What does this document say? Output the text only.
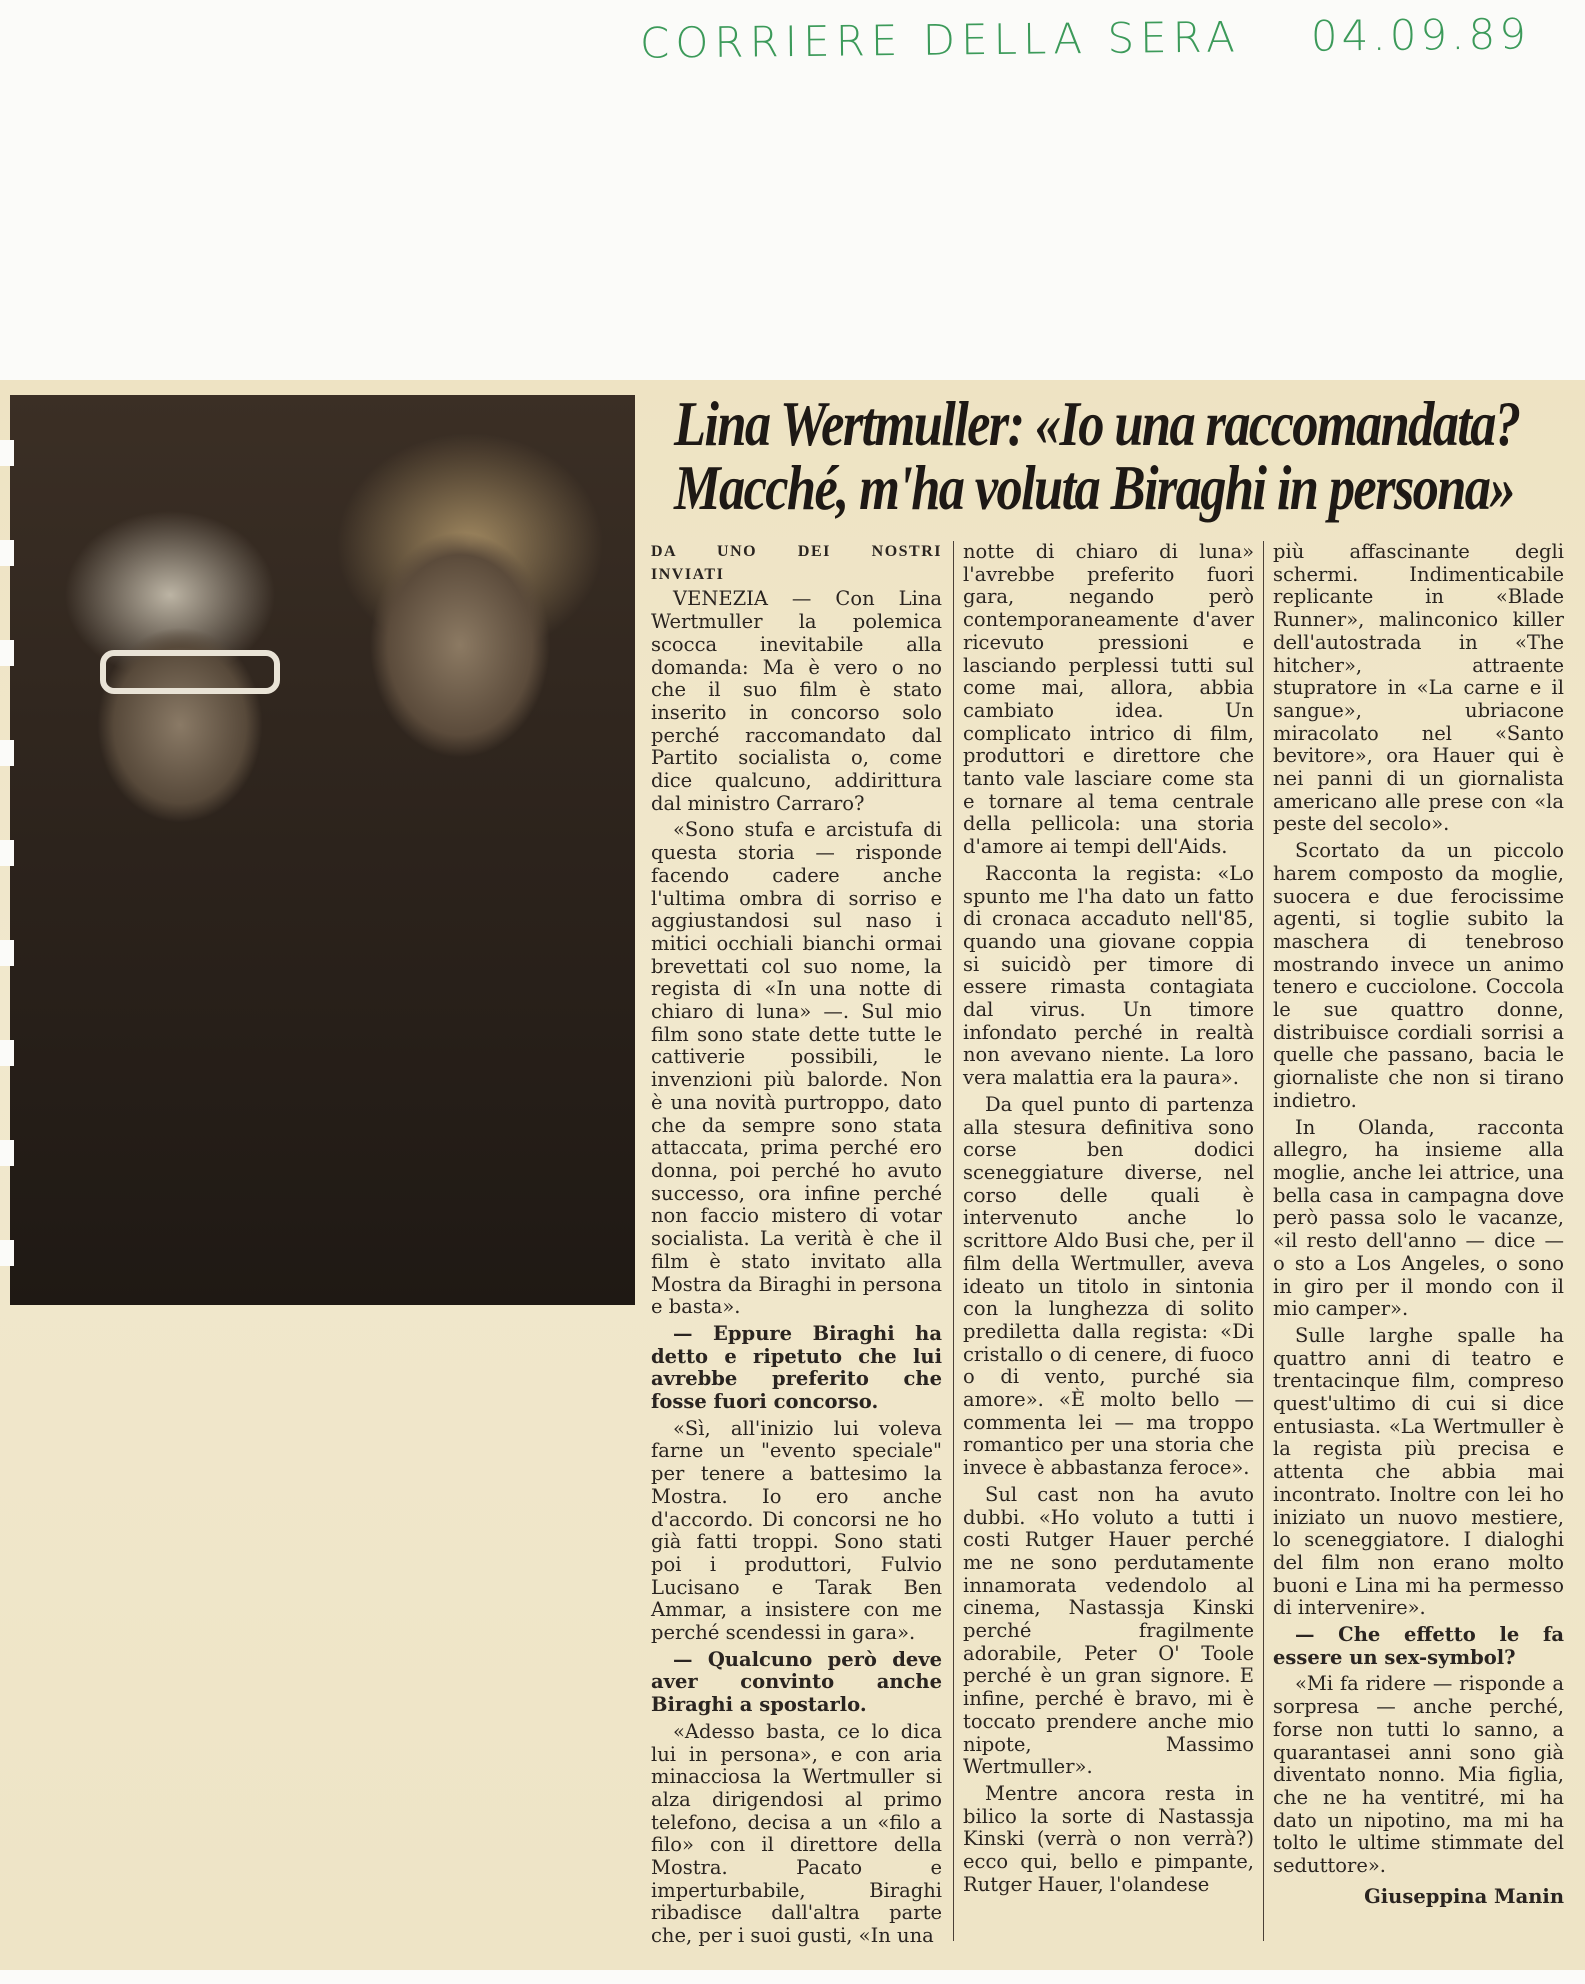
CORRIERE DELLA SERA 04.09.89
Lina Wertmuller: «Io una raccomandata?
Macché, m'ha voluta Biraghi in persona»
DA UNO DEI NOSTRI INVIATI

VENEZIA — Con Lina Wertmuller la polemica scocca inevitabile alla domanda: Ma è vero o no che il suo film è stato inserito in concorso solo perché raccomandato dal Partito socialista o, come dice qualcuno, addirittura dal ministro Carraro?

«Sono stufa e arcistufa di questa storia — risponde facendo cadere anche l'ultima ombra di sorriso e aggiustandosi sul naso i mitici occhiali bianchi ormai brevettati col suo nome, la regista di «In una notte di chiaro di luna» —. Sul mio film sono state dette tutte le cattiverie possibili, le invenzioni più balorde. Non è una novità purtroppo, dato che da sempre sono stata attaccata, prima perché ero donna, poi perché ho avuto successo, ora infine perché non faccio mistero di votar socialista. La verità è che il film è stato invitato alla Mostra da Biraghi in persona e basta».

— Eppure Biraghi ha detto e ripetuto che lui avrebbe preferito che fosse fuori concorso.

«Sì, all'inizio lui voleva farne un "evento speciale" per tenere a battesimo la Mostra. Io ero anche d'accordo. Di concorsi ne ho già fatti troppi. Sono stati poi i produttori, Fulvio Lucisano e Tarak Ben Ammar, a insistere con me perché scendessi in gara».

— Qualcuno però deve aver convinto anche Biraghi a spostarlo.

«Adesso basta, ce lo dica lui in persona», e con aria minacciosa la Wertmuller si alza dirigendosi al primo telefono, decisa a un «filo a filo» con il direttore della Mostra. Pacato e imperturbabile, Biraghi ribadisce dall'altra parte che, per i suoi gusti, «In una

notte di chiaro di luna» l'avrebbe preferito fuori gara, negando però contemporaneamente d'aver ricevuto pressioni e lasciando perplessi tutti sul come mai, allora, abbia cambiato idea. Un complicato intrico di film, produttori e direttore che tanto vale lasciare come sta e tornare al tema centrale della pellicola: una storia d'amore ai tempi dell'Aids.

Racconta la regista: «Lo spunto me l'ha dato un fatto di cronaca accaduto nell'85, quando una giovane coppia si suicidò per timore di essere rimasta contagiata dal virus. Un timore infondato perché in realtà non avevano niente. La loro vera malattia era la paura».

Da quel punto di partenza alla stesura definitiva sono corse ben dodici sceneggiature diverse, nel corso delle quali è intervenuto anche lo scrittore Aldo Busi che, per il film della Wertmuller, aveva ideato un titolo in sintonia con la lunghezza di solito prediletta dalla regista: «Di cristallo o di cenere, di fuoco o di vento, purché sia amore». «È molto bello — commenta lei — ma troppo romantico per una storia che invece è abbastanza feroce».

Sul cast non ha avuto dubbi. «Ho voluto a tutti i costi Rutger Hauer perché me ne sono perdutamente innamorata vedendolo al cinema, Nastassja Kinski perché fragilmente adorabile, Peter O' Toole perché è un gran signore. E infine, perché è bravo, mi è toccato prendere anche mio nipote, Massimo Wertmuller».

Mentre ancora resta in bilico la sorte di Nastassja Kinski (verrà o non verrà?) ecco qui, bello e pimpante, Rutger Hauer, l'olandese

più affascinante degli schermi. Indimenticabile replicante in «Blade Runner», malinconico killer dell'autostrada in «The hitcher», attraente stupratore in «La carne e il sangue», ubriacone miracolato nel «Santo bevitore», ora Hauer qui è nei panni di un giornalista americano alle prese con «la peste del secolo».

Scortato da un piccolo harem composto da moglie, suocera e due ferocissime agenti, si toglie subito la maschera di tenebroso mostrando invece un animo tenero e cucciolone. Coccola le sue quattro donne, distribuisce cordiali sorrisi a quelle che passano, bacia le giornaliste che non si tirano indietro.

In Olanda, racconta allegro, ha insieme alla moglie, anche lei attrice, una bella casa in campagna dove però passa solo le vacanze, «il resto dell'anno — dice — o sto a Los Angeles, o sono in giro per il mondo con il mio camper».

Sulle larghe spalle ha quattro anni di teatro e trentacinque film, compreso quest'ultimo di cui si dice entusiasta. «La Wertmuller è la regista più precisa e attenta che abbia mai incontrato. Inoltre con lei ho iniziato un nuovo mestiere, lo sceneggiatore. I dialoghi del film non erano molto buoni e Lina mi ha permesso di intervenire».

— Che effetto le fa essere un sex-symbol?

«Mi fa ridere — risponde a sorpresa — anche perché, forse non tutti lo sanno, a quarantasei anni sono già diventato nonno. Mia figlia, che ne ha ventitré, mi ha dato un nipotino, ma mi ha tolto le ultime stimmate del seduttore».

Giuseppina Manin
